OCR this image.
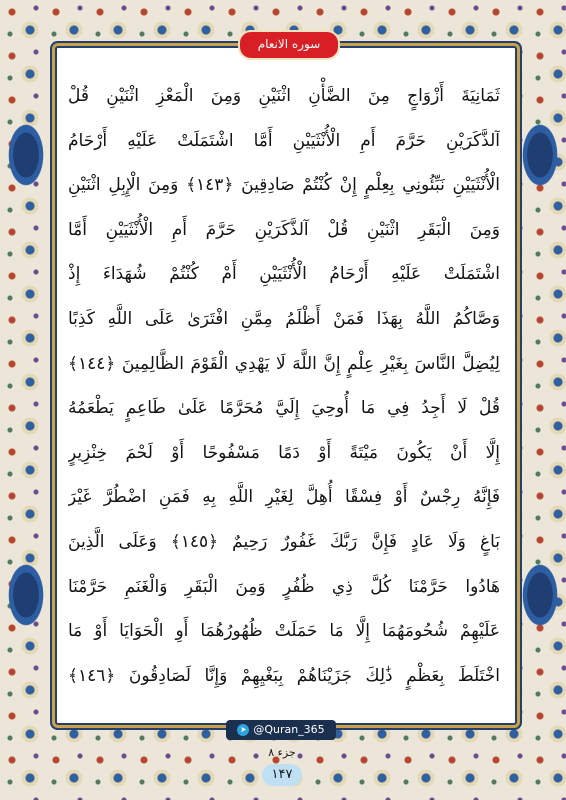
سوره الانعام
ثَمَانِيَةَ أَزْوَاجٍ مِنَ الضَّأْنِ اثْنَيْنِ وَمِنَ الْمَعْزِ اثْنَيْنِ قُلْ
آلذَّكَرَيْنِ حَرَّمَ أَمِ الْأُنْثَيَيْنِ أَمَّا اشْتَمَلَتْ عَلَيْهِ أَرْحَامُ
الْأُنْثَيَيْنِ نَبِّئُونِي بِعِلْمٍ إِنْ كُنْتُمْ صَادِقِينَ ﴿١٤٣﴾ وَمِنَ الْإِبِلِ اثْنَيْنِ
وَمِنَ الْبَقَرِ اثْنَيْنِ قُلْ آلذَّكَرَيْنِ حَرَّمَ أَمِ الْأُنْثَيَيْنِ أَمَّا
اشْتَمَلَتْ عَلَيْهِ أَرْحَامُ الْأُنْثَيَيْنِ أَمْ كُنْتُمْ شُهَدَاءَ إِذْ
وَصَّاكُمُ اللَّهُ بِهَذَا فَمَنْ أَظْلَمُ مِمَّنِ افْتَرَىٰ عَلَى اللَّهِ كَذِبًا
لِيُضِلَّ النَّاسَ بِغَيْرِ عِلْمٍ إِنَّ اللَّهَ لَا يَهْدِي الْقَوْمَ الظَّالِمِينَ ﴿١٤٤﴾
قُلْ لَا أَجِدُ فِي مَا أُوحِيَ إِلَيَّ مُحَرَّمًا عَلَىٰ طَاعِمٍ يَطْعَمُهُ
إِلَّا أَنْ يَكُونَ مَيْتَةً أَوْ دَمًا مَسْفُوحًا أَوْ لَحْمَ خِنْزِيرٍ
فَإِنَّهُ رِجْسٌ أَوْ فِسْقًا أُهِلَّ لِغَيْرِ اللَّهِ بِهِ فَمَنِ اضْطُرَّ غَيْرَ
بَاغٍ وَلَا عَادٍ فَإِنَّ رَبَّكَ غَفُورٌ رَحِيمٌ ﴿١٤٥﴾ وَعَلَى الَّذِينَ
هَادُوا حَرَّمْنَا كُلَّ ذِي ظُفُرٍ وَمِنَ الْبَقَرِ وَالْغَنَمِ حَرَّمْنَا
عَلَيْهِمْ شُحُومَهُمَا إِلَّا مَا حَمَلَتْ ظُهُورُهُمَا أَوِ الْحَوَايَا أَوْ مَا
اخْتَلَطَ بِعَظْمٍ ذَٰلِكَ جَزَيْنَاهُمْ بِبَغْيِهِمْ وَإِنَّا لَصَادِقُونَ ﴿١٤٦﴾
➤ @Quran_365
جزء ۸
۱۴۷
